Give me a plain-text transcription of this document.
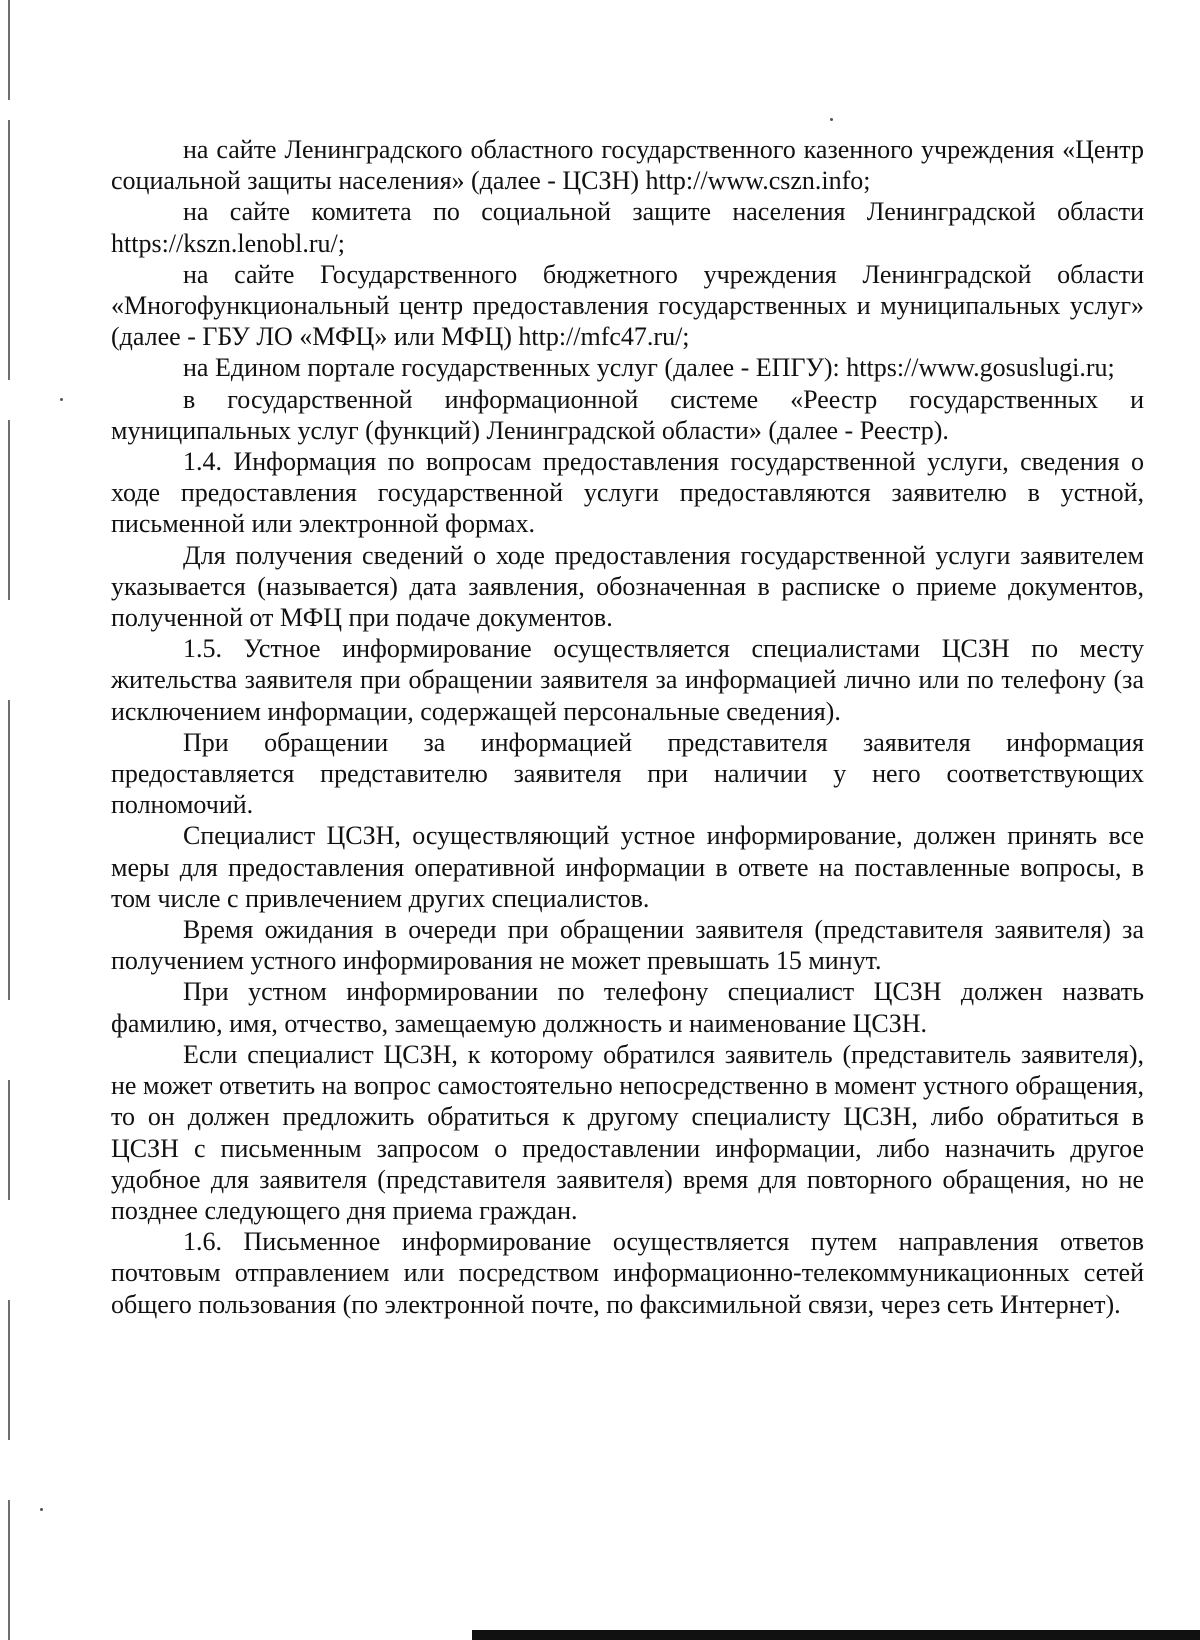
на сайте Ленинградского областного государственного казенного учреждения «Центр социальной защиты населения» (далее - ЦСЗН) http://www.cszn.info;

на сайте комитета по социальной защите населения Ленинградской области https://kszn.lenobl.ru/;

на сайте Государственного бюджетного учреждения Ленинградской области «Многофункциональный центр предоставления государственных и муниципальных услуг» (далее - ГБУ ЛО «МФЦ» или МФЦ) http://mfc47.ru/;

на Едином портале государственных услуг (далее - ЕПГУ): https://www.gosuslugi.ru;

в государственной информационной системе «Реестр государственных и муниципальных услуг (функций) Ленинградской области» (далее - Реестр).

1.4. Информация по вопросам предоставления государственной услуги, сведения о ходе предоставления государственной услуги предоставляются заявителю в устной, письменной или электронной формах.

Для получения сведений о ходе предоставления государственной услуги заявителем указывается (называется) дата заявления, обозначенная в расписке о приеме документов, полученной от МФЦ при подаче документов.

1.5. Устное информирование осуществляется специалистами ЦСЗН по месту жительства заявителя при обращении заявителя за информацией лично или по телефону (за исключением информации, содержащей персональные сведения).

При обращении за информацией представителя заявителя информация предоставляется представителю заявителя при наличии у него соответствующих полномочий.

Специалист ЦСЗН, осуществляющий устное информирование, должен принять все меры для предоставления оперативной информации в ответе на поставленные вопросы, в том числе с привлечением других специалистов.

Время ожидания в очереди при обращении заявителя (представителя заявителя) за получением устного информирования не может превышать 15 минут.

При устном информировании по телефону специалист ЦСЗН должен назвать фамилию, имя, отчество, замещаемую должность и наименование ЦСЗН.

Если специалист ЦСЗН, к которому обратился заявитель (представитель заявителя), не может ответить на вопрос самостоятельно непосредственно в момент устного обращения, то он должен предложить обратиться к другому специалисту ЦСЗН, либо обратиться в ЦСЗН с письменным запросом о предоставлении информации, либо назначить другое удобное для заявителя (представителя заявителя) время для повторного обращения, но не позднее следующего дня приема граждан.

1.6. Письменное информирование осуществляется путем направления ответов почтовым отправлением или посредством информационно-телекоммуникационных сетей общего пользования (по электронной почте, по факсимильной связи, через сеть Интернет).
